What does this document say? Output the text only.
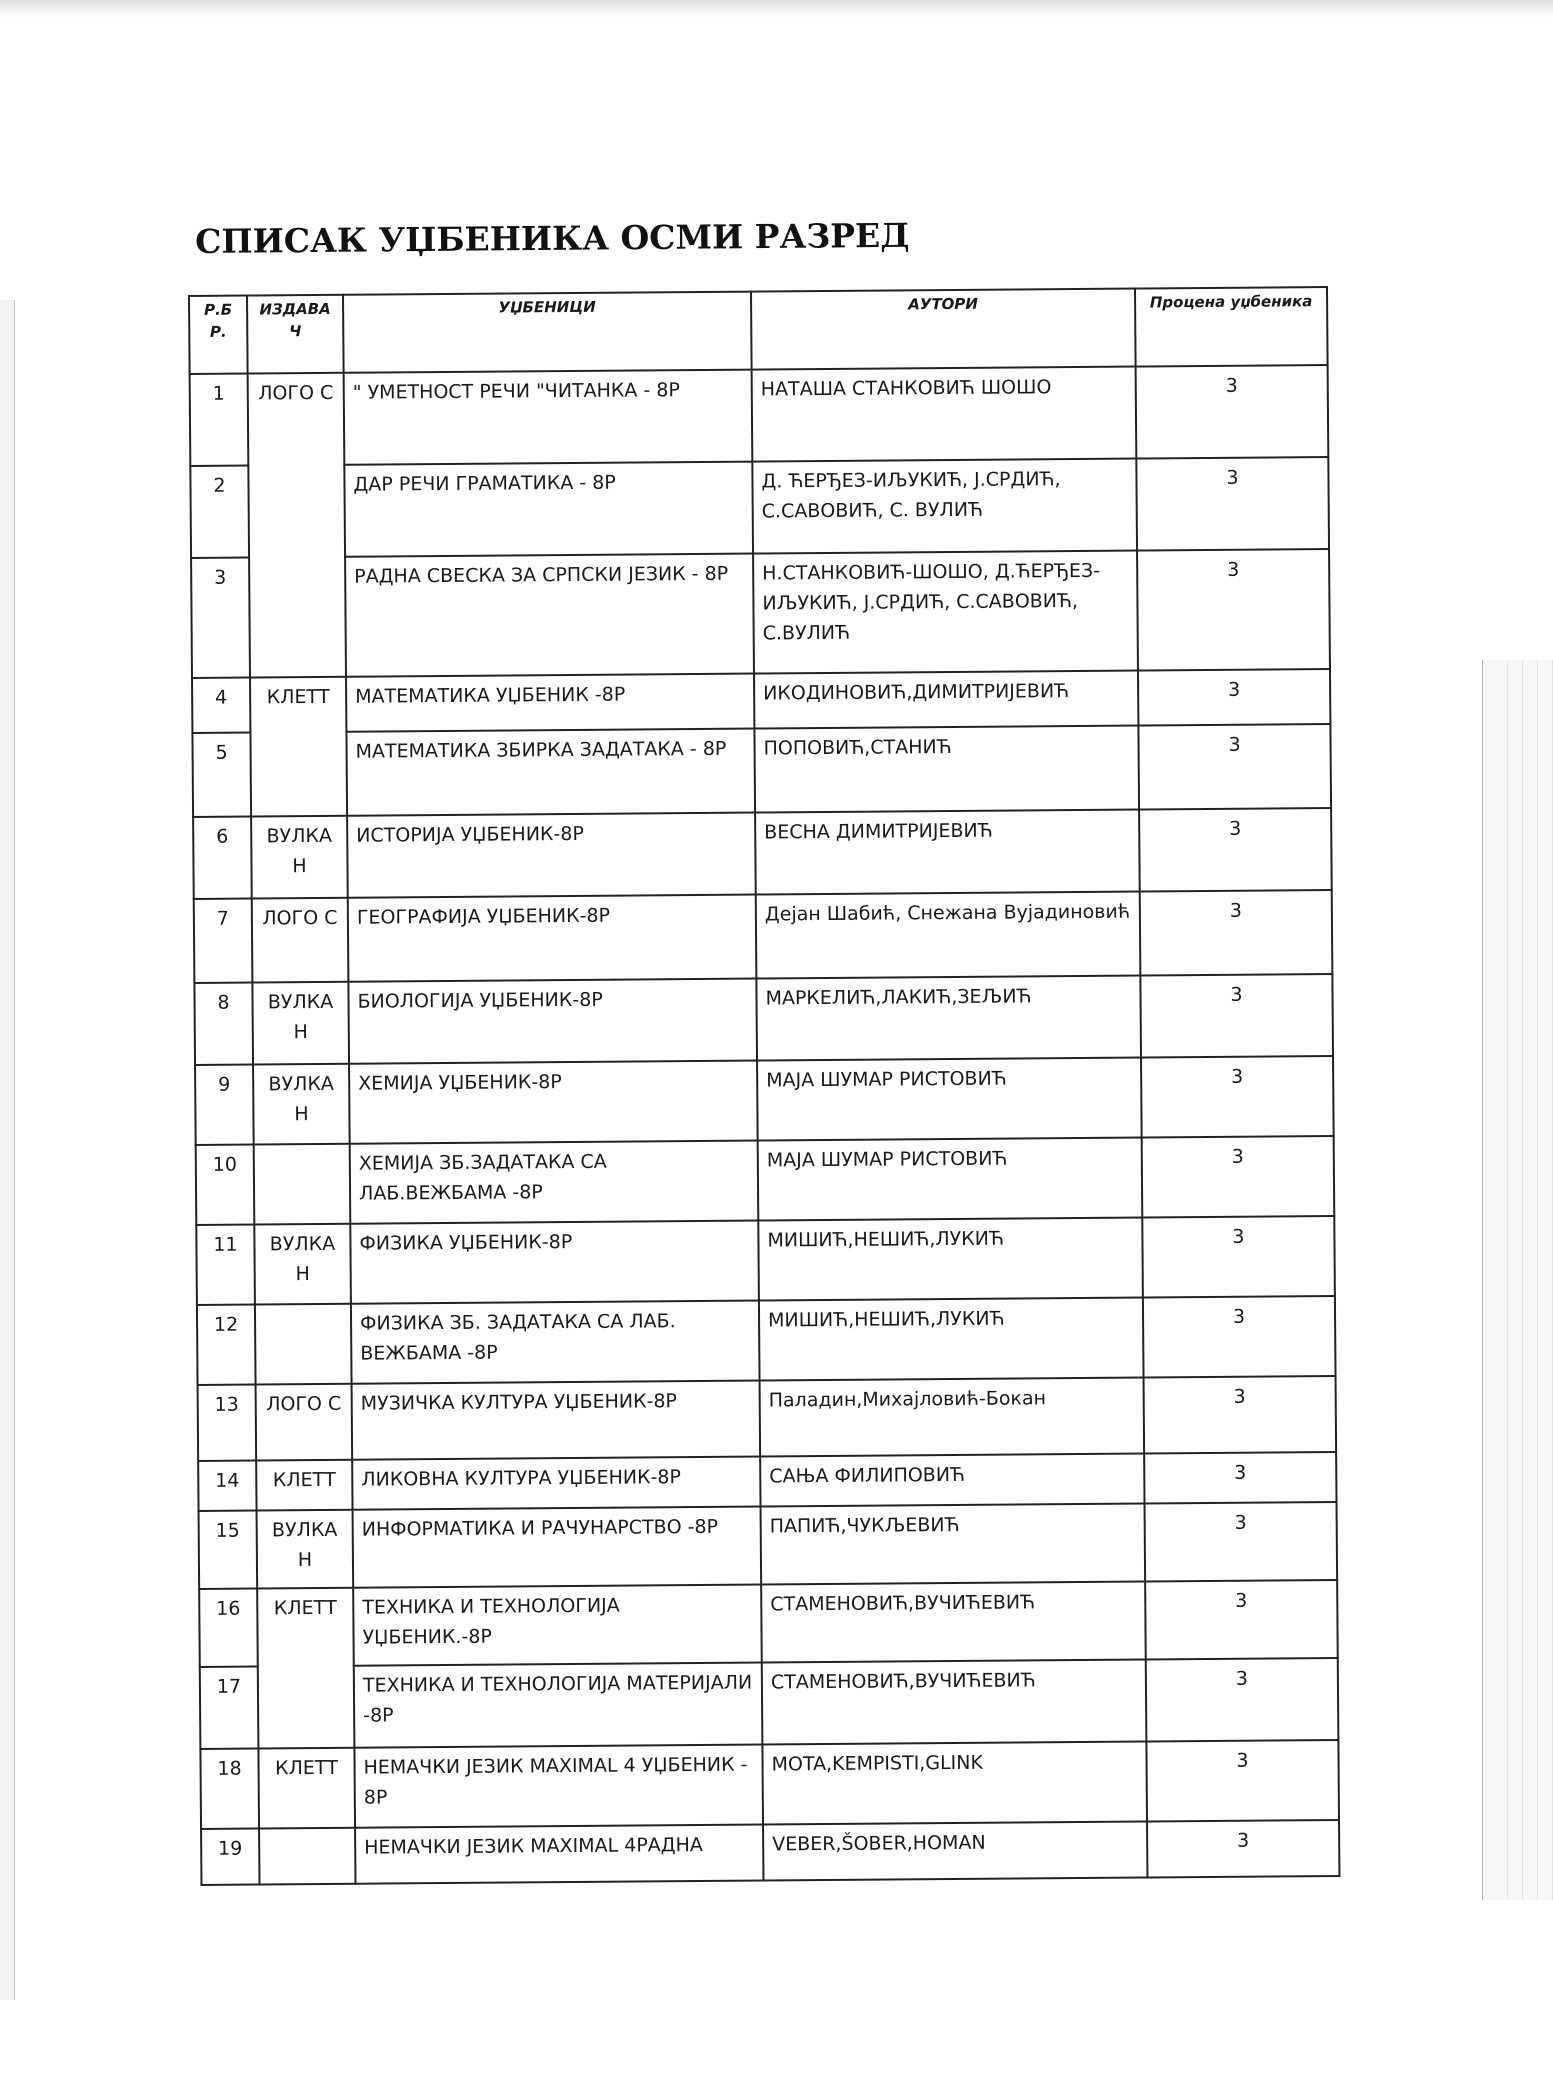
СПИСАК УЏБЕНИКА ОСМИ РАЗРЕД
Р.Б Р.	ИЗДАВА Ч	УЏБЕНИЦИ	АУТОРИ	Процена уџбеника
1	ЛОГО С	" УМЕТНОСТ РЕЧИ "ЧИТАНКА - 8Р	НАТАША СТАНКОВИЋ ШОШО	3
2		ДАР РЕЧИ ГРАМАТИКА - 8Р	Д. ЋЕРЂЕЗ-ИЉУКИЋ, Ј.СРДИЋ, С.САВОВИЋ, С. ВУЛИЋ	3
3		РАДНА СВЕСКА ЗА СРПСКИ ЈЕЗИК - 8Р	Н.СТАНКОВИЋ-ШОШО, Д.ЋЕРЂЕЗ-ИЉУКИЋ, Ј.СРДИЋ, С.САВОВИЋ, С.ВУЛИЋ	3
4	КЛЕТТ	МАТЕМАТИКА УЏБЕНИК -8Р	ИКОДИНОВИЋ,ДИМИТРИЈЕВИЋ	3
5		МАТЕМАТИКА ЗБИРКА ЗАДАТАКА - 8Р	ПОПОВИЋ,СТАНИЋ	3
6	ВУЛКА Н	ИСТОРИЈА УЏБЕНИК-8Р	ВЕСНА ДИМИТРИЈЕВИЋ	3
7	ЛОГО С	ГЕОГРАФИЈА УЏБЕНИК-8Р	Дејан Шабић, Снежана Вујадиновић	3
8	ВУЛКА Н	БИОЛОГИЈА УЏБЕНИК-8Р	МАРКЕЛИЋ,ЛАКИЋ,ЗЕЉИЋ	3
9	ВУЛКА Н	ХЕМИЈА УЏБЕНИК-8Р	МАЈА ШУМАР РИСТОВИЋ	3
10		ХЕМИЈА ЗБ.ЗАДАТАКА СА ЛАБ.ВЕЖБАМА -8Р	МАЈА ШУМАР РИСТОВИЋ	3
11	ВУЛКА Н	ФИЗИКА УЏБЕНИК-8Р	МИШИЋ,НЕШИЋ,ЛУКИЋ	3
12		ФИЗИКА ЗБ. ЗАДАТАКА СА ЛАБ. ВЕЖБАМА -8Р	МИШИЋ,НЕШИЋ,ЛУКИЋ	3
13	ЛОГО С	МУЗИЧКА КУЛТУРА УЏБЕНИК-8Р	Паладин,Михајловић-Бокан	3
14	КЛЕТТ	ЛИКОВНА КУЛТУРА УЏБЕНИК-8Р	САЊА ФИЛИПОВИЋ	3
15	ВУЛКА Н	ИНФОРМАТИКА И РАЧУНАРСТВО -8Р	ПАПИЋ,ЧУКЉЕВИЋ	3
16	КЛЕТТ	ТЕХНИКА И ТЕХНОЛОГИЈА УЏБЕНИК.-8Р	СТАМЕНОВИЋ,ВУЧИЋЕВИЋ	3
17		ТЕХНИКА И ТЕХНОЛОГИЈА МАТЕРИЈАЛИ -8Р	СТАМЕНОВИЋ,ВУЧИЋЕВИЋ	3
18	КЛЕТТ	НЕМАЧКИ ЈЕЗИК MAXIMAL 4 УЏБЕНИК - 8Р	MOTA,KEMPISTI,GLINK	3
19		НЕМАЧКИ ЈЕЗИК MAXIMAL 4РАДНА	VEBER,ŠOBER,HOMAN	3
